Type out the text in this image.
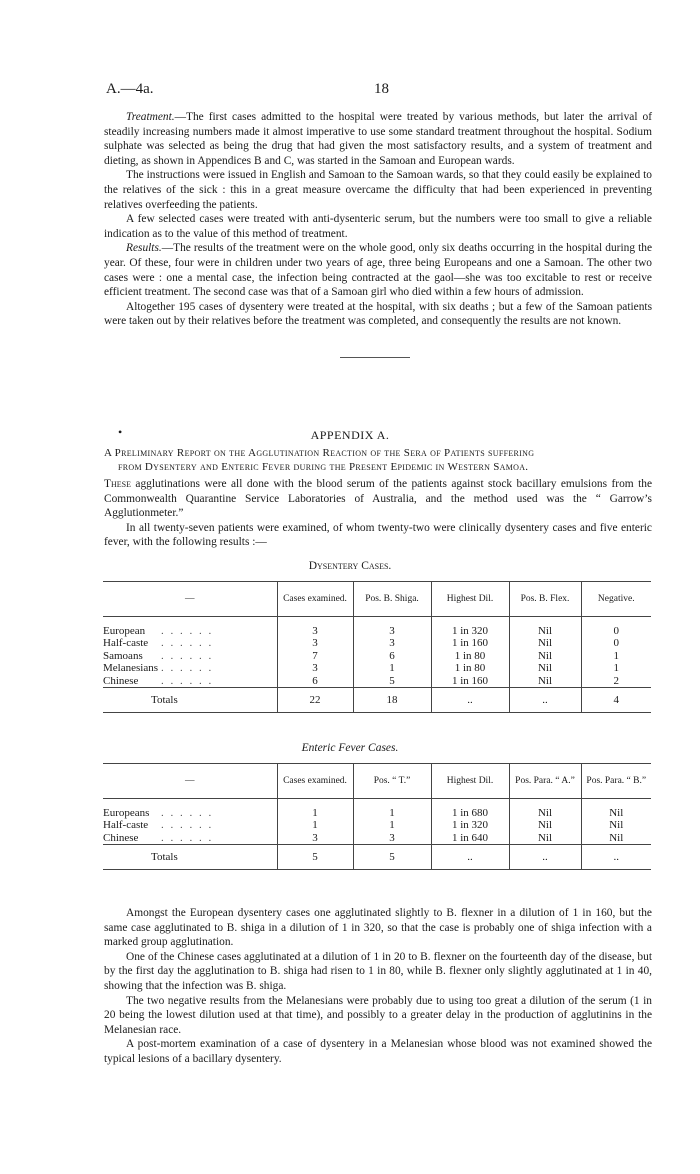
A.—4a.	18

Treatment.—The first cases admitted to the hospital were treated by various methods, but later the arrival of steadily increasing numbers made it almost imperative to use some standard treatment throughout the hospital. Sodium sulphate was selected as being the drug that had given the most satisfactory results, and a system of treatment and dieting, as shown in Appendices B and C, was started in the Samoan and European wards.

The instructions were issued in English and Samoan to the Samoan wards, so that they could easily be explained to the relatives of the sick : this in a great measure overcame the difficulty that had been experienced in preventing relatives overfeeding the patients.

A few selected cases were treated with anti-dysenteric serum, but the numbers were too small to give a reliable indication as to the value of this method of treatment.

Results.—The results of the treatment were on the whole good, only six deaths occurring in the hospital during the year. Of these, four were in children under two years of age, three being Europeans and one a Samoan. The other two cases were : one a mental case, the infection being contracted at the gaol—she was too excitable to rest or receive efficient treatment. The second case was that of a Samoan girl who died within a few hours of admission.

Altogether 195 cases of dysentery were treated at the hospital, with six deaths ; but a few of the Samoan patients were taken out by their relatives before the treatment was completed, and consequently the results are not known.

•	APPENDIX A.
A Preliminary Report on the Agglutination Reaction of the Sera of Patients suffering
from Dysentery and Enteric Fever during the Present Epidemic in Western Samoa.

These agglutinations were all done with the blood serum of the patients against stock bacillary emulsions from the Commonwealth Quarantine Service Laboratories of Australia, and the method used was the “ Garrow’s Agglutionmeter.”

In all twenty-seven patients were examined, of whom twenty-two were clinically dysentery cases and five enteric fever, with the following results :—

Dysentery Cases.
—	Cases examined.	Pos. B. Shiga.	Highest Dil.	Pos. B. Flex.	Negative.

European	. . . . . .	3	3	1 in 320	Nil	0

Half-caste	. . . . . .	3	3	1 in 160	Nil	0

Samoans	. . . . . .	7	6	1 in 80	Nil	1

Melanesians . . . . . .	3	1	1 in 80	Nil	1

Chinese	. . . . . .	6	5	1 in 160	Nil	2
Totals	22	18	..	..	4
Enteric Fever Cases.
—	Cases examined.	Pos. “ T.”	Highest Dil.	Pos. Para. “ A.”	Pos. Para. “ B.”

Europeans	. . . . . .	1	1	1 in 680	Nil	Nil

Half-caste	. . . . . .	1	1	1 in 320	Nil	Nil

Chinese	. . . . . .	3	3	1 in 640	Nil	Nil
Totals	5	5	..	..	..

Amongst the European dysentery cases one agglutinated slightly to B. flexner in a dilution of 1 in 160, but the same case agglutinated to B. shiga in a dilution of 1 in 320, so that the case is probably one of shiga infection with a marked group agglutination.

One of the Chinese cases agglutinated at a dilution of 1 in 20 to B. flexner on the fourteenth day of the disease, but by the first day the agglutination to B. shiga had risen to 1 in 80, while B. flexner only slightly agglutinated at 1 in 40, showing that the infection was B. shiga.

The two negative results from the Melanesians were probably due to using too great a dilution of the serum (1 in 20 being the lowest dilution used at that time), and possibly to a greater delay in the production of agglutinins in the Melanesian race.

A post-mortem examination of a case of dysentery in a Melanesian whose blood was not examined showed the typical lesions of a bacillary dysentery.
